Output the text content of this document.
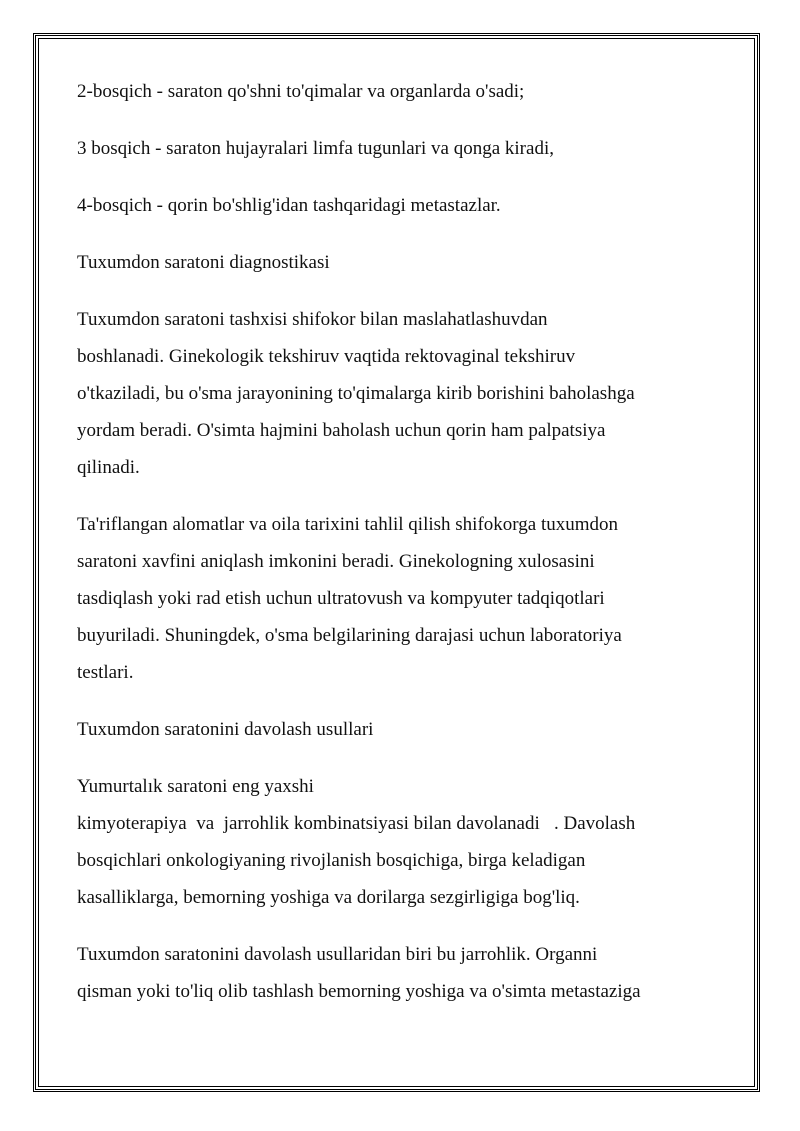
2-bosqich - saraton qo'shni to'qimalar va organlarda o'sadi;

3 bosqich - saraton hujayralari limfa tugunlari va qonga kiradi,

4-bosqich - qorin bo'shlig'idan tashqaridagi metastazlar.

Tuxumdon saratoni diagnostikasi

Tuxumdon saratoni tashxisi shifokor bilan maslahatlashuvdan
boshlanadi. Ginekologik tekshiruv vaqtida rektovaginal tekshiruv
o'tkaziladi, bu o'sma jarayonining to'qimalarga kirib borishini baholashga
yordam beradi. O'simta hajmini baholash uchun qorin ham palpatsiya
qilinadi.

Ta'riflangan alomatlar va oila tarixini tahlil qilish shifokorga tuxumdon
saratoni xavfini aniqlash imkonini beradi. Ginekologning xulosasini
tasdiqlash yoki rad etish uchun ultratovush va kompyuter tadqiqotlari
buyuriladi. Shuningdek, o'sma belgilarining darajasi uchun laboratoriya
testlari.

Tuxumdon saratonini davolash usullari

Yumurtalık saratoni eng yaxshi
kimyoterapiya  va  jarrohlik kombinatsiyasi bilan davolanadi   . Davolash
bosqichlari onkologiyaning rivojlanish bosqichiga, birga keladigan
kasalliklarga, bemorning yoshiga va dorilarga sezgirligiga bog'liq.

Tuxumdon saratonini davolash usullaridan biri bu jarrohlik. Organni
qisman yoki to'liq olib tashlash bemorning yoshiga va o'simta metastaziga
